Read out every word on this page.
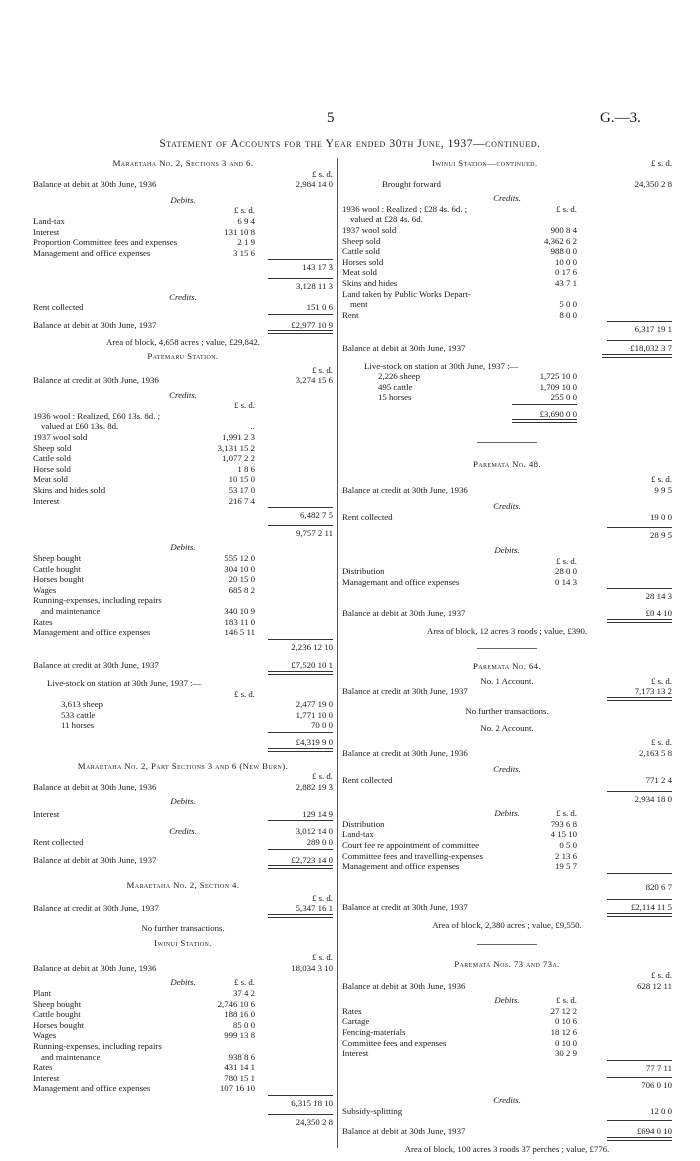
5	G.—3.
Statement of Accounts for the Year ended 30th June, 1937—continued.
Maraetaha No. 2, Sections 3 and 6.
£ s. d.
Balance at debit at 30th June, 1936	2,984 14 0
Debits.
£ s. d.
Land-tax	6 9 4
Interest	131 10 8
Proportion Committee fees and expenses	2 1 9
Management and office expenses	3 15 6
143 17 3
3,128 11 3
Credits.
Rent collected	151 0 6
Balance at debit at 30th June, 1937	£2,977 10 9
Area of block, 4,658 acres ; value, £29,842.
Patemaru Station.
£ s. d.
Balance at credit at 30th June, 1936	3,274 15 6
Credits.
£ s. d.
1936 wool : Realized, £60 13s. 8d. ;
valued at £60 13s. 8d.	..
1937 wool sold	1,991 2 3
Sheep sold	3,131 15 2
Cattle sold	1,077 2 2
Horse sold	1 8 6
Meat sold	10 15 0
Skins and hides sold	53 17 0
Interest	216 7 4
6,482 7 5
9,757 2 11
Debits.
Sheep bought	555 12 0
Cattle bought	304 10 0
Horses bought	20 15 0
Wages	685 8 2
Running-expenses, including repairs
and maintenance	340 10 9
Rates	183 11 0
Management and office expenses	146 5 11
2,236 12 10
Balance at credit at 30th June, 1937	£7,520 10 1
Live-stock on station at 30th June, 1937 :—
£ s. d.
3,613 sheep	2,477 19 0
533 cattle	1,771 10 0
11 horses	70 0 0
£4,319 9 0
Maraetaha No. 2, Part Sections 3 and 6 (New Burn).
£ s. d.
Balance at debit at 30th June, 1936	2,882 19 3
Debits.
Interest	129 14 9
Credits.	3,012 14 0
Rent collected	289 0 0
Balance at debit at 30th June, 1937	£2,723 14 0
Maraetaha No. 2, Section 4.
£ s. d.
Balance at credit at 30th June, 1937	5,347 16 1
No further transactions.
Iwinui Station.
£ s. d.
Balance at debit at 30th June, 1936	18,034 3 10
Debits.	£ s. d.
Plant	37 4 2
Sheep bought	2,746 10 6
Cattle bought	188 16 0
Horses bought	85 0 0
Wages	999 13 8
Running-expenses, including repairs
and maintenance	938 8 6
Rates	431 14 1
Interest	780 15 1
Management and office expenses	107 16 10
6,315 18 10
24,350 2 8
Iwinui Station—continued.	£ s. d.
Brought forward	24,350 2 8
Credits.
1936 wool : Realized ; £28 4s. 6d. ;	£ s. d.
valued at £28 4s. 6d.
1937 wool sold	900 8 4
Sheep sold	4,362 6 2
Cattle sold	988 0 0
Horses sold	10 0 0
Meat sold	0 17 6
Skins and hides	43 7 1
Land taken by Public Works Depart-
ment	5 0 0
Rent	8 0 0
6,317 19 1
Balance at debit at 30th June, 1937	£18,032 3 7
Live-stock on station at 30th June, 1937 :—
2,226 sheep	1,725 10 0
495 cattle	1,709 10 0
15 horses	255 0 0
£3,690 0 0
Paremata No. 48.
£ s. d.
Balance at credit at 30th June, 1936	9 9 5
Credits.
Rent collected	19 0 0
28 9 5
Debits.
£ s. d.
Distribution	28 0 0
Managemant and office expenses	0 14 3
28 14 3
Balance at debit at 30th June, 1937	£0 4 10
Area of block, 12 acres 3 roods ; value, £390.
Paremata No. 64.
No. 1 Account.	£ s. d.
Balance at credit at 30th June, 1937	7,173 13 2
No further transactions.
No. 2 Account.
£ s. d.
Balance at credit at 30th June, 1936	2,163 5 8
Credits.
Rent collected	771 2 4
2,934 18 0
Debits.	£ s. d.
Distribution	793 6 8
Land-tax	4 15 10
Court fee re appointment of committee	0 5 0
Committee fees and travelling-expenses	2 13 6
Management and office expenses	19 5 7
820 6 7
Balance at credit at 30th June, 1937	£2,114 11 5
Area of block, 2,380 acres ; value, £9,550.
Paremata Nos. 73 and 73a.
£ s. d.
Balance at debit at 30th June, 1936	628 12 11
Debits.	£ s. d.
Rates	27 12 2
Cartage	0 10 6
Fencing-materials	18 12 6
Committee fees and expenses	0 10 0
Interest	30 2 9
77 7 11
706 0 10
Credits.
Subsidy-splitting	12 0 0
Balance at debit at 30th June, 1937	£694 0 10
Area of block, 100 acres 3 roods 37 perches ; value, £776.
